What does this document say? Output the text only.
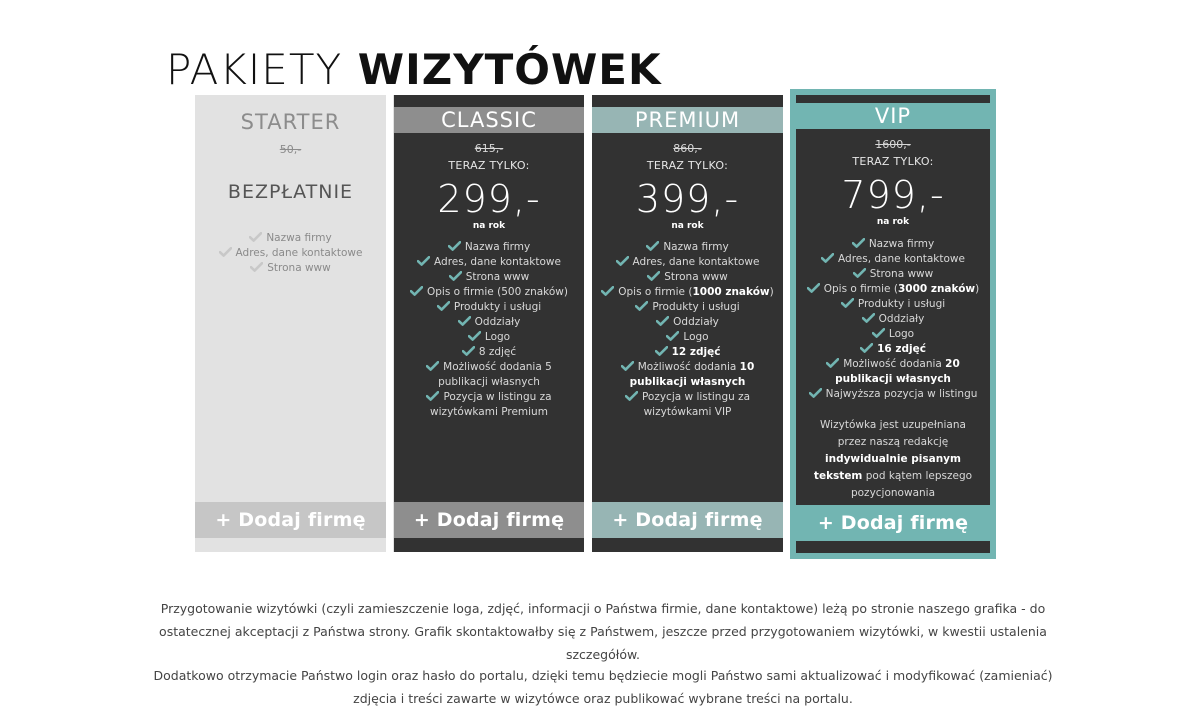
PAKIETY WIZYTÓWEK
STARTER
50,-
BEZPŁATNIE
Nazwa firmy
Adres, dane kontaktowe
Strona www
+ Dodaj firmę
CLASSIC
615,-
TERAZ TYLKO:
299,-
na rok
Nazwa firmy
Adres, dane kontaktowe
Strona www
Opis o firmie (500 znaków)
Produkty i usługi
Oddziały
Logo
8 zdjęć
Możliwość dodania 5 publikacji własnych
Pozycja w listingu za wizytówkami Premium
+ Dodaj firmę
PREMIUM
860,-
TERAZ TYLKO:
399,-
na rok
Nazwa firmy
Adres, dane kontaktowe
Strona www
Opis o firmie (1000 znaków)
Produkty i usługi
Oddziały
Logo
12 zdjęć
Możliwość dodania 10 publikacji własnych
Pozycja w listingu za wizytówkami VIP
+ Dodaj firmę
VIP
1600,-
TERAZ TYLKO:
799,-
na rok
Nazwa firmy
Adres, dane kontaktowe
Strona www
Opis o firmie (3000 znaków)
Produkty i usługi
Oddziały
Logo
16 zdjęć
Możliwość dodania 20 publikacji własnych
Najwyższa pozycja w listingu
Wizytówka jest uzupełniana przez naszą redakcję indywidualnie pisanym tekstem pod kątem lepszego pozycjonowania
+ Dodaj firmę

Przygotowanie wizytówki (czyli zamieszczenie loga, zdjęć, informacji o Państwa firmie, dane kontaktowe) leżą po stronie naszego grafika - do ostatecznej akceptacji z Państwa strony. Grafik skontaktowałby się z Państwem, jeszcze przed przygotowaniem wizytówki, w kwestii ustalenia szczegółów.

Dodatkowo otrzymacie Państwo login oraz hasło do portalu, dzięki temu będziecie mogli Państwo sami aktualizować i modyfikować (zamieniać) zdjęcia i treści zawarte w wizytówce oraz publikować wybrane treści na portalu.
